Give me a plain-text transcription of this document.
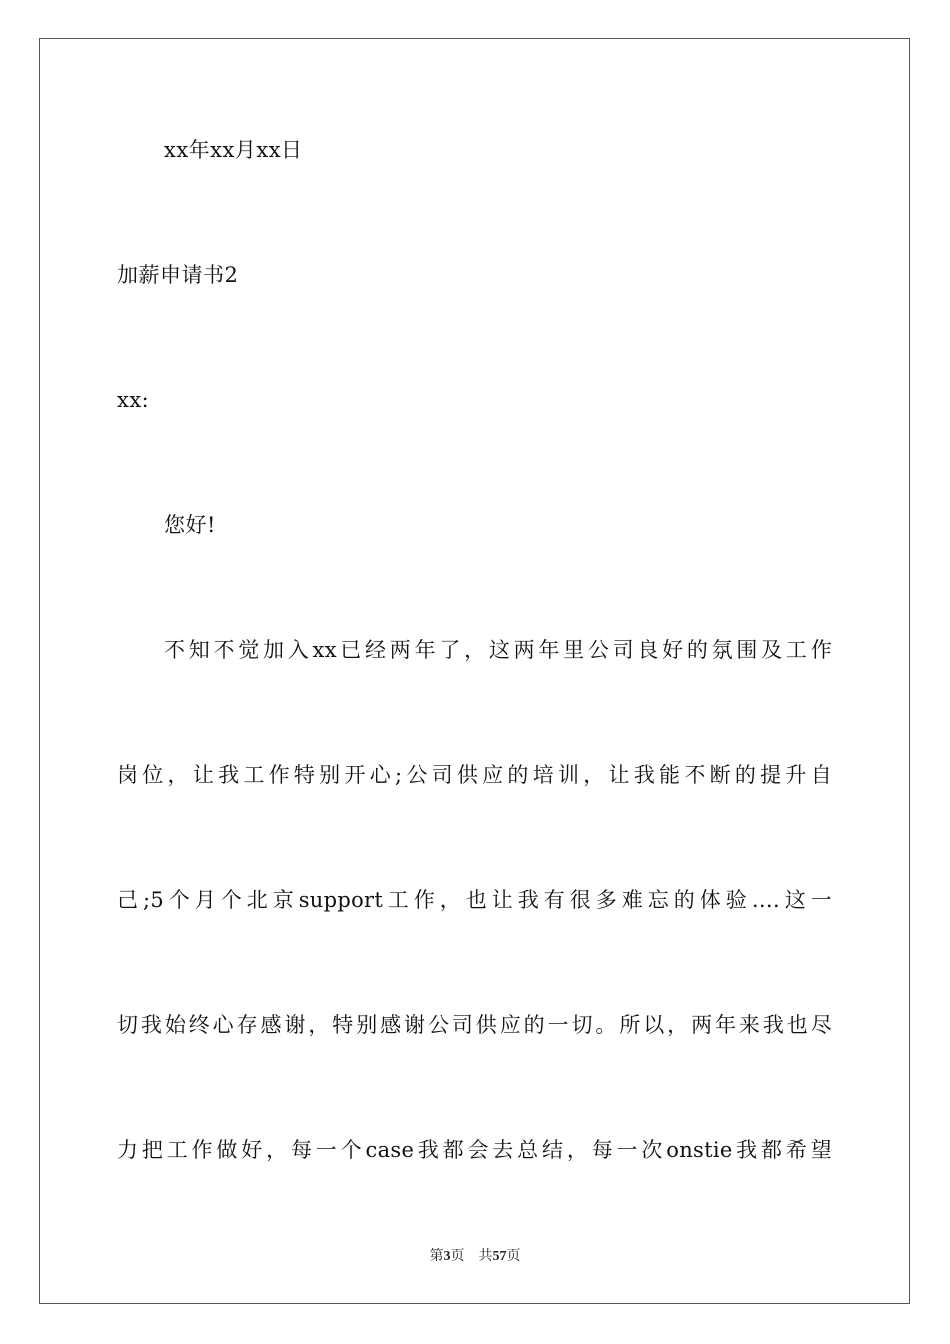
xx年xx月xx日
加薪申请书2
xx:
您好!
不知不觉加入xx已经两年了，这两年里公司良好的氛围及工作
岗位，让我工作特别开心;公司供应的培训，让我能不断的提升自
己;5个月个北京support工作，也让我有很多难忘的体验….这一
切我始终心存感谢，特别感谢公司供应的一切。所以，两年来我也尽
力把工作做好，每一个case我都会去总结，每一次onstie我都希望
第3页 共57页
